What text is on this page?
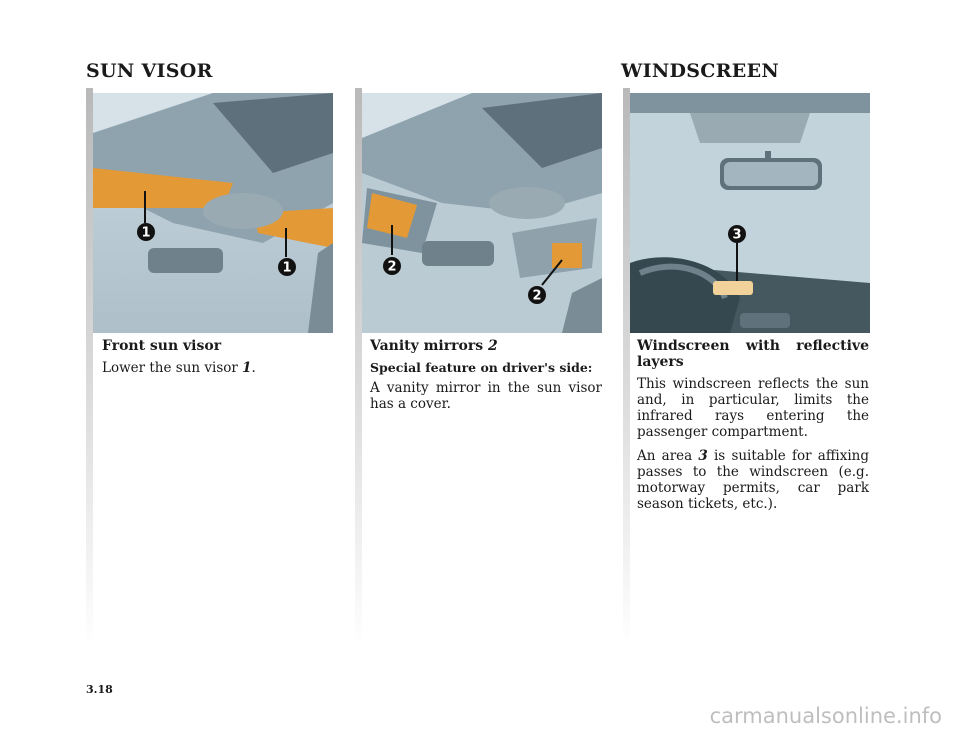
SUN VISOR	WINDSCREEN
1
1	2
2
3
Front sun visor

Lower the sun visor 1.

Vanity mirrors 2
Special feature on driver's side:

A vanity mirror in the sun visor has a cover.

Windscreen with reflective layers

This windscreen reflects the sun and, in particular, limits the infrared rays entering the passenger compartment.

An area 3 is suitable for affixing passes to the windscreen (e.g. motorway permits, car park season tickets, etc.).

3.18
carmanualsonline.info
